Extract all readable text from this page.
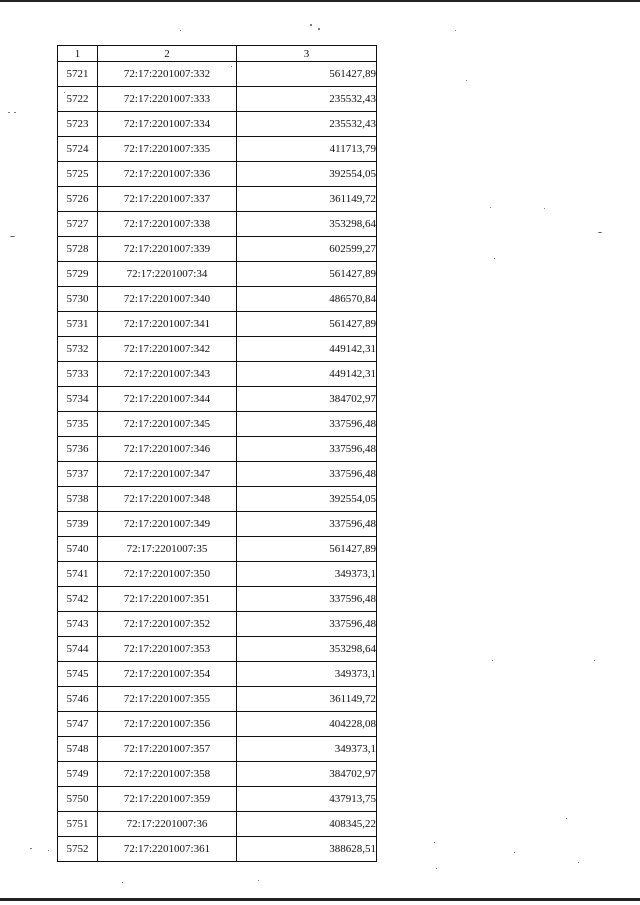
1	2	3
5721	72:17:2201007:332	561427,89
5722	72:17:2201007:333	235532,43
5723	72:17:2201007:334	235532,43
5724	72:17:2201007:335	411713,79
5725	72:17:2201007:336	392554,05
5726	72:17:2201007:337	361149,72
5727	72:17:2201007:338	353298,64
5728	72:17:2201007:339	602599,27
5729	72:17:2201007:34	561427,89
5730	72:17:2201007:340	486570,84
5731	72:17:2201007:341	561427,89
5732	72:17:2201007:342	449142,31
5733	72:17:2201007:343	449142,31
5734	72:17:2201007:344	384702,97
5735	72:17:2201007:345	337596,48
5736	72:17:2201007:346	337596,48
5737	72:17:2201007:347	337596,48
5738	72:17:2201007:348	392554,05
5739	72:17:2201007:349	337596,48
5740	72:17:2201007:35	561427,89
5741	72:17:2201007:350	349373,1
5742	72:17:2201007:351	337596,48
5743	72:17:2201007:352	337596,48
5744	72:17:2201007:353	353298,64
5745	72:17:2201007:354	349373,1
5746	72:17:2201007:355	361149,72
5747	72:17:2201007:356	404228,08
5748	72:17:2201007:357	349373,1
5749	72:17:2201007:358	384702,97
5750	72:17:2201007:359	437913,75
5751	72:17:2201007:36	408345,22
5752	72:17:2201007:361	388628,51
